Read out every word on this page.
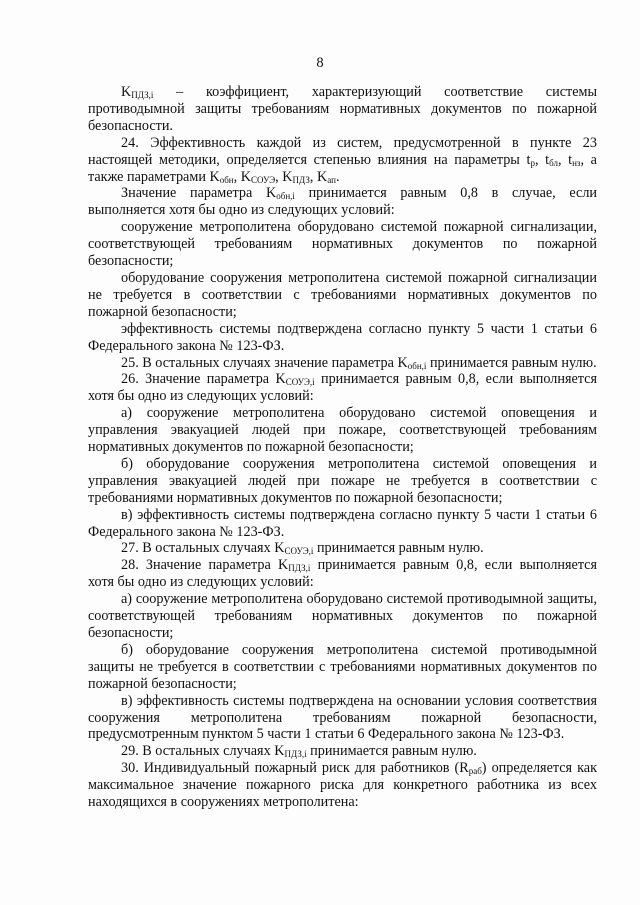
8

$K_{ПДЗ,i}$ – коэффициент, характеризующий соответствие системы противодымной защиты требованиям нормативных документов по пожарной безопасности.

24. Эффективность каждой из систем, предусмотренной в пункте 23 настоящей методики, определяется степенью влияния на параметры $t_р$, $t_{бл}$, $t_{нз}$, а также параметрами $K_{обн}$, $K_{СОУЭ}$, $K_{ПДЗ}$, $K_{ап}$.

Значение параметра $K_{обн,i}$ принимается равным 0,8 в случае, если выполняется хотя бы одно из следующих условий:

сооружение метрополитена оборудовано системой пожарной сигнализации, соответствующей требованиям нормативных документов по пожарной безопасности;

оборудование сооружения метрополитена системой пожарной сигнализации не требуется в соответствии с требованиями нормативных документов по пожарной безопасности;

эффективность системы подтверждена согласно пункту 5 части 1 статьи 6 Федерального закона № 123-ФЗ.

25. В остальных случаях значение параметра $K_{обн,i}$ принимается равным нулю.

26. Значение параметра $K_{СОУЭ,i}$ принимается равным 0,8, если выполняется хотя бы одно из следующих условий:

а) сооружение метрополитена оборудовано системой оповещения и управления эвакуацией людей при пожаре, соответствующей требованиям нормативных документов по пожарной безопасности;

б) оборудование сооружения метрополитена системой оповещения и управления эвакуацией людей при пожаре не требуется в соответствии с требованиями нормативных документов по пожарной безопасности;

в) эффективность системы подтверждена согласно пункту 5 части 1 статьи 6 Федерального закона № 123-ФЗ.

27. В остальных случаях $K_{СОУЭ,i}$ принимается равным нулю.

28. Значение параметра $K_{ПДЗ,i}$ принимается равным 0,8, если выполняется хотя бы одно из следующих условий:

а) сооружение метрополитена оборудовано системой противодымной защиты, соответствующей требованиям нормативных документов по пожарной безопасности;

б) оборудование сооружения метрополитена системой противодымной защиты не требуется в соответствии с требованиями нормативных документов по пожарной безопасности;

в) эффективность системы подтверждена на основании условия соответствия сооружения метрополитена требованиям пожарной безопасности, предусмотренным пунктом 5 части 1 статьи 6 Федерального закона № 123-ФЗ.

29. В остальных случаях $K_{ПДЗ,i}$ принимается равным нулю.

30. Индивидуальный пожарный риск для работников $(R_{раб})$ определяется как максимальное значение пожарного риска для конкретного работника из всех находящихся в сооружениях метрополитена:
